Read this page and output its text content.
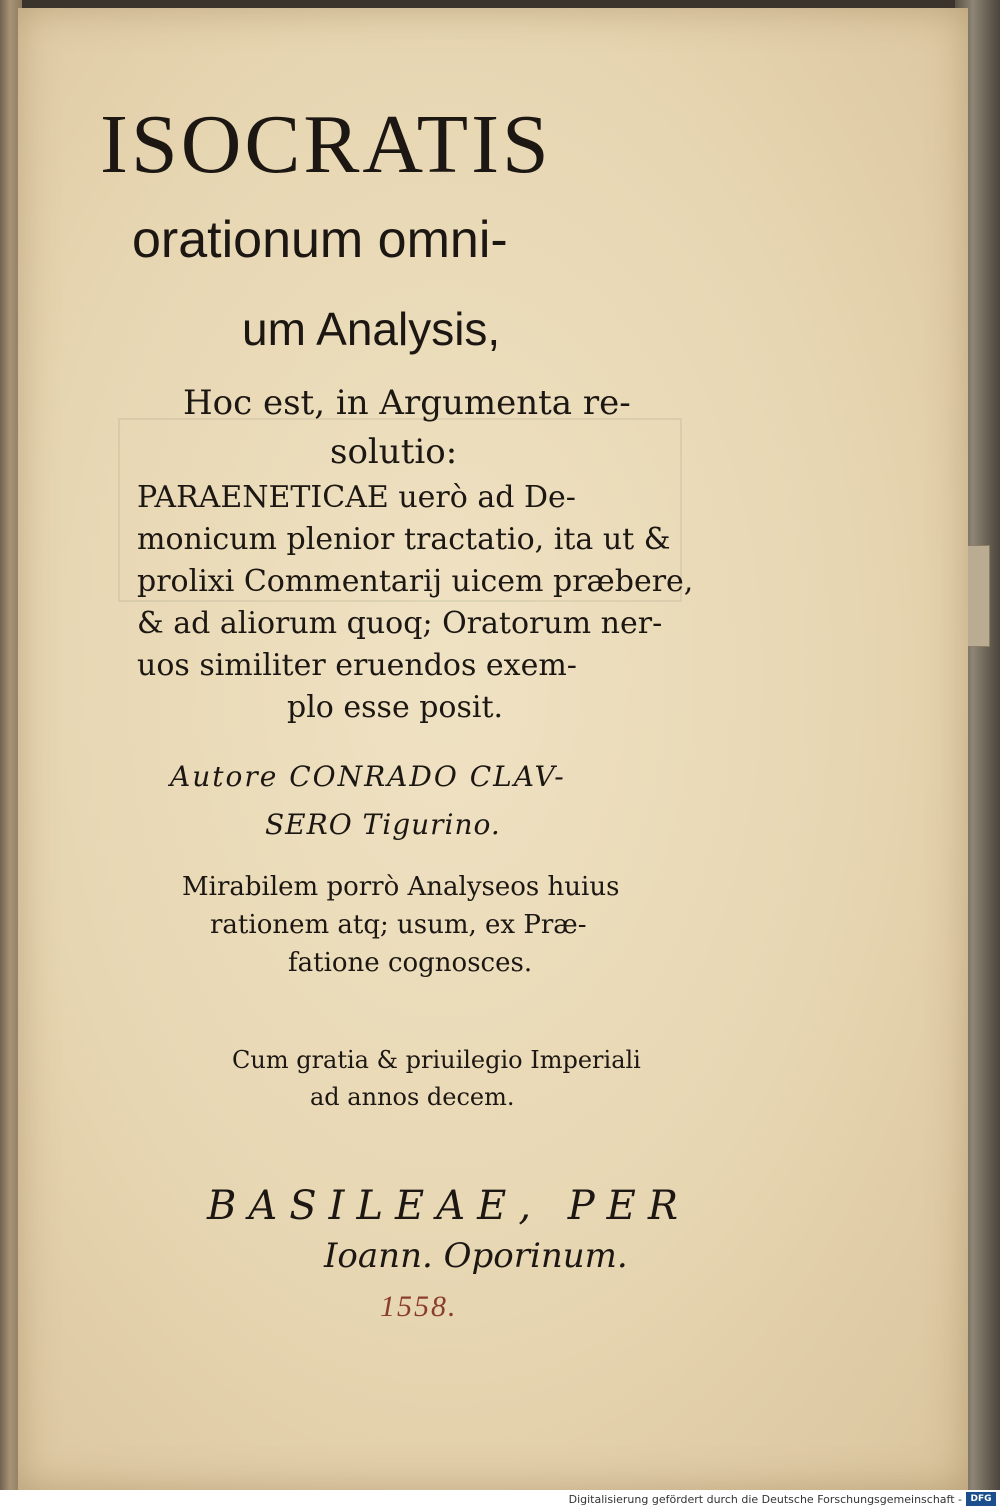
ISOCRATIS
orationum omni-
um Analysis,
Hoc est, in Argumenta re-
solutio:
PARAENETICAE uerò ad De-
monicum plenior tractatio, ita ut &
prolixi Commentarij uicem præbere,
& ad aliorum quoq; Oratorum ner-
uos similiter eruendos exem-
plo esse posit.
Autore CONRADO CLAV-
SERO Tigurino.
Mirabilem porrò Analyseos huius
rationem atq; usum, ex Præ-
fatione cognosces.
Cum gratia & priuilegio Imperiali
ad annos decem.
BASILEAE, PER
Ioann. Oporinum.
1558.
Digitalisierung gefördert durch die Deutsche Forschungsgemeinschaft - DFG
